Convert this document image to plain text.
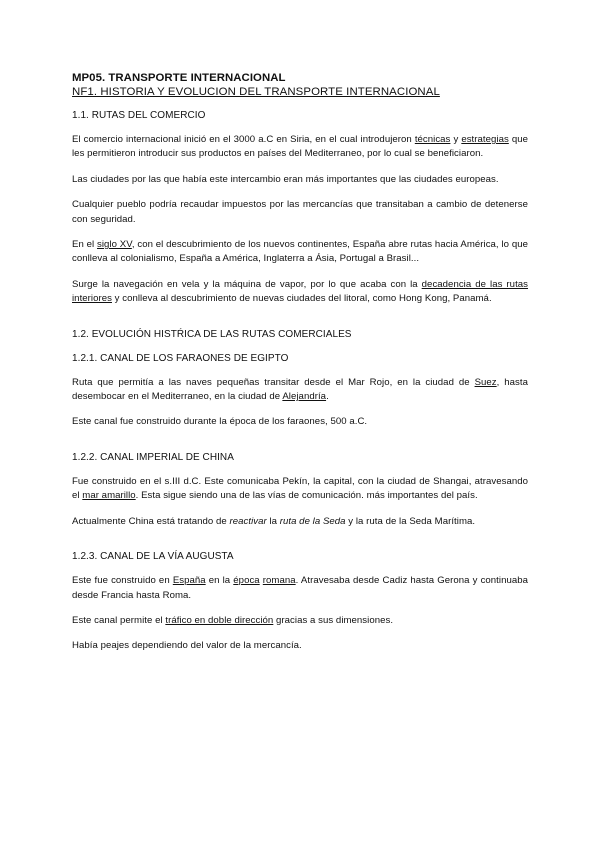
MP05. TRANSPORTE INTERNACIONAL
NF1. HISTORIA Y EVOLUCION DEL TRANSPORTE INTERNACIONAL
1.1. RUTAS DEL COMERCIO

El comercio internacional inició en el 3000 a.C en Siria, en el cual introdujeron técnicas y estrategias que les permitieron introducir sus productos en países del Mediterraneo, por lo cual se beneficiaron.

Las ciudades por las que había este intercambio eran más importantes que las ciudades europeas.

Cualquier pueblo podría recaudar impuestos por las mercancías que transitaban a cambio de detenerse con seguridad.

En el siglo XV, con el descubrimiento de los nuevos continentes, España abre rutas hacia América, lo que conlleva al colonialismo, España a América, Inglaterra a Ásia, Portugal a Brasil...

Surge la navegación en vela y la máquina de vapor, por lo que acaba con la decadencia de las rutas interiores y conlleva al descubrimiento de nuevas ciudades del litoral, como Hong Kong, Panamá.

1.2. EVOLUCIÓN HISTŔICA DE LAS RUTAS COMERCIALES
1.2.1. CANAL DE LOS FARAONES DE EGIPTO

Ruta que permitía a las naves pequeñas transitar desde el Mar Rojo, en la ciudad de Suez, hasta desembocar en el Mediterraneo, en la ciudad de Alejandría.

Este canal fue construido durante la época de los faraones, 500 a.C.

1.2.2. CANAL IMPERIAL DE CHINA

Fue construido en el s.III d.C. Este comunicaba Pekín, la capital, con la ciudad de Shangai, atravesando el mar amarillo. Esta sigue siendo una de las vías de comunicación. más importantes del país.

Actualmente China está tratando de reactivar la ruta de la Seda y la ruta de la Seda Marítima.

1.2.3. CANAL DE LA VÍA AUGUSTA

Este fue construido en España en la época romana. Atravesaba desde Cadiz hasta Gerona y continuaba desde Francia hasta Roma.

Este canal permite el tráfico en doble dirección gracias a sus dimensiones.

Había peajes dependiendo del valor de la mercancía.
